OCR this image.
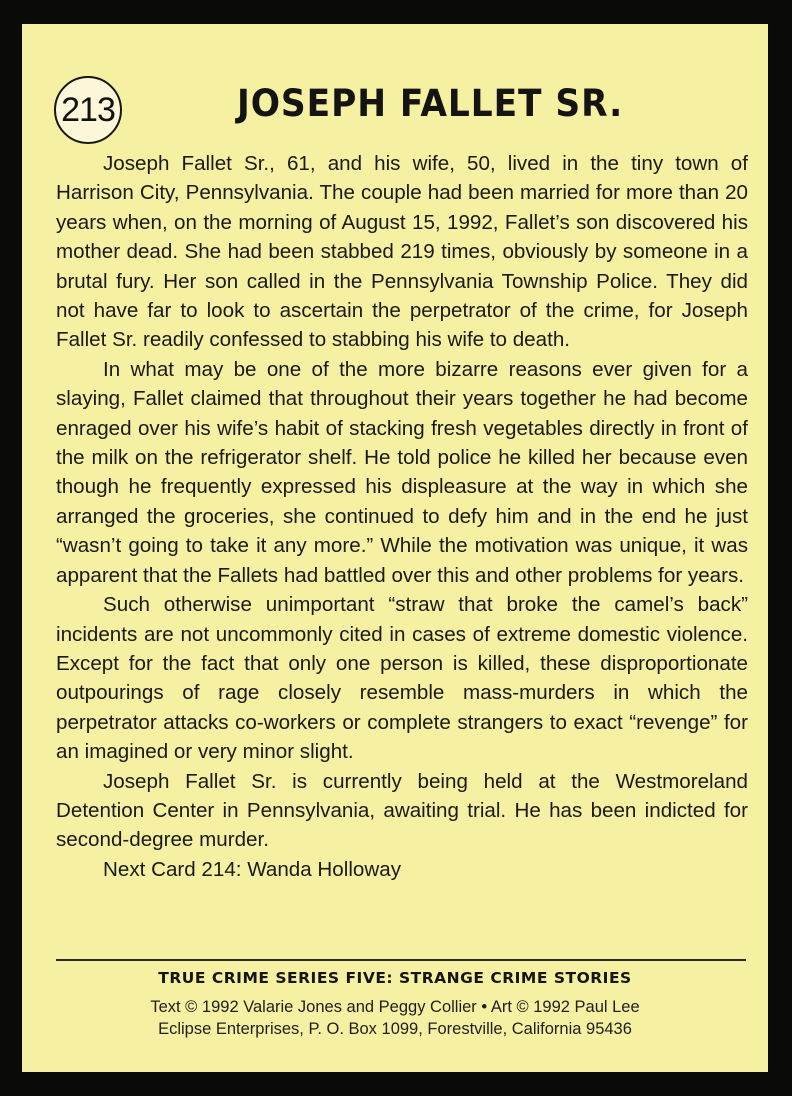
213	JOSEPH FALLET SR.

Joseph Fallet Sr., 61, and his wife, 50, lived in the tiny town of Harrison City, Pennsylvania. The couple had been married for more than 20 years when, on the morning of August 15, 1992, Fallet’s son discovered his mother dead. She had been stabbed 219 times, obviously by someone in a brutal fury. Her son called in the Pennsylvania Township Police. They did not have far to look to ascertain the perpetrator of the crime, for Joseph Fallet Sr. readily confessed to stabbing his wife to death.

In what may be one of the more bizarre reasons ever given for a slaying, Fallet claimed that throughout their years together he had become enraged over his wife’s habit of stacking fresh vegetables directly in front of the milk on the refrigerator shelf. He told police he killed her because even though he frequently expressed his displeasure at the way in which she arranged the groceries, she continued to defy him and in the end he just “wasn’t going to take it any more.” While the motivation was unique, it was apparent that the Fallets had battled over this and other problems for years.

Such otherwise unimportant “straw that broke the camel’s back” incidents are not uncommonly cited in cases of extreme domestic violence. Except for the fact that only one person is killed, these disproportionate outpourings of rage closely resemble mass-murders in which the perpetrator attacks co-workers or complete strangers to exact “revenge” for an imagined or very minor slight.

Joseph Fallet Sr. is currently being held at the Westmoreland Detention Center in Pennsylvania, awaiting trial. He has been indicted for second-degree murder.

Next Card 214: Wanda Holloway
TRUE CRIME SERIES FIVE: STRANGE CRIME STORIES
Text © 1992 Valarie Jones and Peggy Collier • Art © 1992 Paul Lee
Eclipse Enterprises, P. O. Box 1099, Forestville, California 95436
